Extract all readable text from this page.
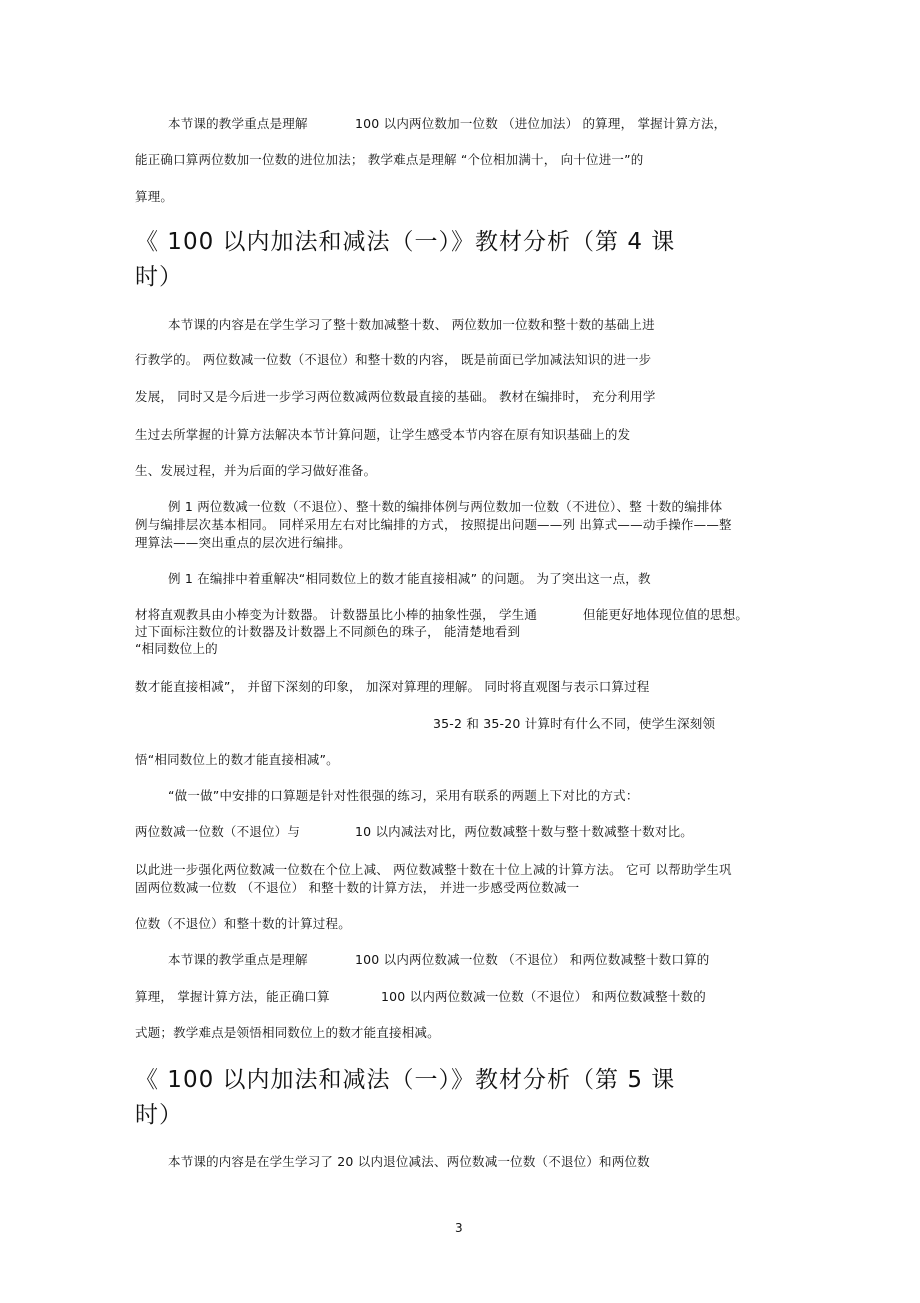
本节课的教学重点是理解	100 以内两位数加一位数 （进位加法） 的算理， 掌握计算方法，
能正确口算两位数加一位数的进位加法； 教学难点是理解 “个位相加满十， 向十位进一”的
算理。
《 100 以内加法和减法（一）》教材分析（第 4 课
时）
本节课的内容是在学生学习了整十数加减整十数、 两位数加一位数和整十数的基础上进
行教学的。 两位数减一位数（不退位）和整十数的内容， 既是前面已学加减法知识的进一步
发展， 同时又是今后进一步学习两位数减两位数最直接的基础。 教材在编排时， 充分利用学
生过去所掌握的计算方法解决本节计算问题，让学生感受本节内容在原有知识基础上的发
生、发展过程，并为后面的学习做好准备。
例 1 两位数减一位数（不退位）、整十数的编排体例与两位数加一位数（不进位）、整 十数的编排体
例与编排层次基本相同。 同样采用左右对比编排的方式， 按照提出问题——列 出算式——动手操作——整
理算法——突出重点的层次进行编排。
例 1 在编排中着重解决“相同数位上的数才能直接相减” 的问题。 为了突出这一点，教
材将直观教具由小棒变为计数器。 计数器虽比小棒的抽象性强， 学生通	但能更好地体现位值的思想。
过下面标注数位的计数器及计数器上不同颜色的珠子， 能清楚地看到
“相同数位上的
数才能直接相减”， 并留下深刻的印象， 加深对算理的理解。 同时将直观图与表示口算过程
35-2 和 35-20 计算时有什么不同，使学生深刻领
悟“相同数位上的数才能直接相减”。
“做一做”中安排的口算题是针对性很强的练习，采用有联系的两题上下对比的方式：
两位数减一位数（不退位）与	10 以内减法对比，两位数减整十数与整十数减整十数对比。
以此进一步强化两位数减一位数在个位上减、 两位数减整十数在十位上减的计算方法。 它可 以帮助学生巩
固两位数减一位数 （不退位） 和整十数的计算方法， 并进一步感受两位数减一
位数（不退位）和整十数的计算过程。
本节课的教学重点是理解	100 以内两位数减一位数 （不退位） 和两位数减整十数口算的
算理， 掌握计算方法，能正确口算	100 以内两位数减一位数（不退位） 和两位数减整十数的
式题；教学难点是领悟相同数位上的数才能直接相减。
《 100 以内加法和减法（一）》教材分析（第 5 课
时）
本节课的内容是在学生学习了 20 以内退位减法、两位数减一位数（不退位）和两位数
3
